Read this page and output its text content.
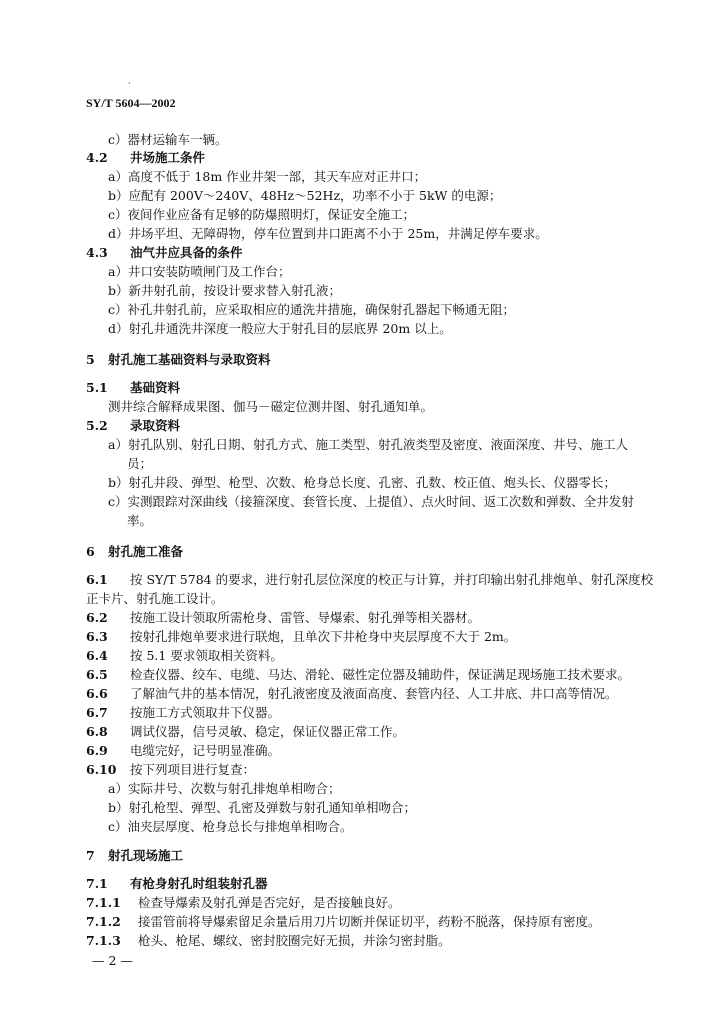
‘
SY/T 5604—2002
c）器材运输车一辆。
4.2 井场施工条件
a）高度不低于 18m 作业井架一部，其天车应对正井口；
b）应配有 200V～240V、48Hz～52Hz，功率不小于 5kW 的电源；
c）夜间作业应备有足够的防爆照明灯，保证安全施工；
d）井场平坦、无障碍物，停车位置到井口距离不小于 25m，井满足停车要求。
4.3 油气井应具备的条件
a）井口安装防喷闸门及工作台；
b）新井射孔前，按设计要求替入射孔液；
c）补孔井射孔前，应采取相应的通洗井措施，确保射孔器起下畅通无阻；
d）射孔井通洗井深度一般应大于射孔目的层底界 20m 以上。
5 射孔施工基础资料与录取资料
5.1 基础资料
测井综合解释成果图、伽马－磁定位测井图、射孔通知单。
5.2 录取资料
a）射孔队别、射孔日期、射孔方式、施工类型、射孔液类型及密度、液面深度、井号、施工人
员；
b）射孔井段、弹型、枪型、次数、枪身总长度、孔密、孔数、校正值、炮头长、仪器零长；
c）实测跟踪对深曲线（接箍深度、套管长度、上提值）、点火时间、返工次数和弹数、全井发射
率。
6 射孔施工准备
6.1 按 SY/T 5784 的要求，进行射孔层位深度的校正与计算，并打印输出射孔排炮单、射孔深度校
正卡片、射孔施工设计。
6.2 按施工设计领取所需枪身、雷管、导爆索、射孔弹等相关器材。
6.3 按射孔排炮单要求进行联炮，且单次下井枪身中夹层厚度不大于 2m。
6.4 按 5.1 要求领取相关资料。
6.5 检查仪器、绞车、电缆、马达、滑轮、磁性定位器及辅助件，保证满足现场施工技术要求。
6.6 了解油气井的基本情况，射孔液密度及液面高度、套管内径、人工井底、井口高等情况。
6.7 按施工方式领取井下仪器。
6.8 调试仪器，信号灵敏、稳定，保证仪器正常工作。
6.9 电缆完好，记号明显准确。
6.10 按下列项目进行复查：
a）实际井号、次数与射孔排炮单相吻合；
b）射孔枪型、弹型、孔密及弹数与射孔通知单相吻合；
c）油夹层厚度、枪身总长与排炮单相吻合。
7 射孔现场施工
7.1 有枪身射孔时组装射孔器
7.1.1 检查导爆索及射孔弹是否完好，是否接触良好。
7.1.2 接雷管前将导爆索留足余量后用刀片切断并保证切平，药粉不脱落，保持原有密度。
7.1.3 枪头、枪尾、螺纹、密封胶圈完好无损，并涂匀密封脂。
— 2 —
